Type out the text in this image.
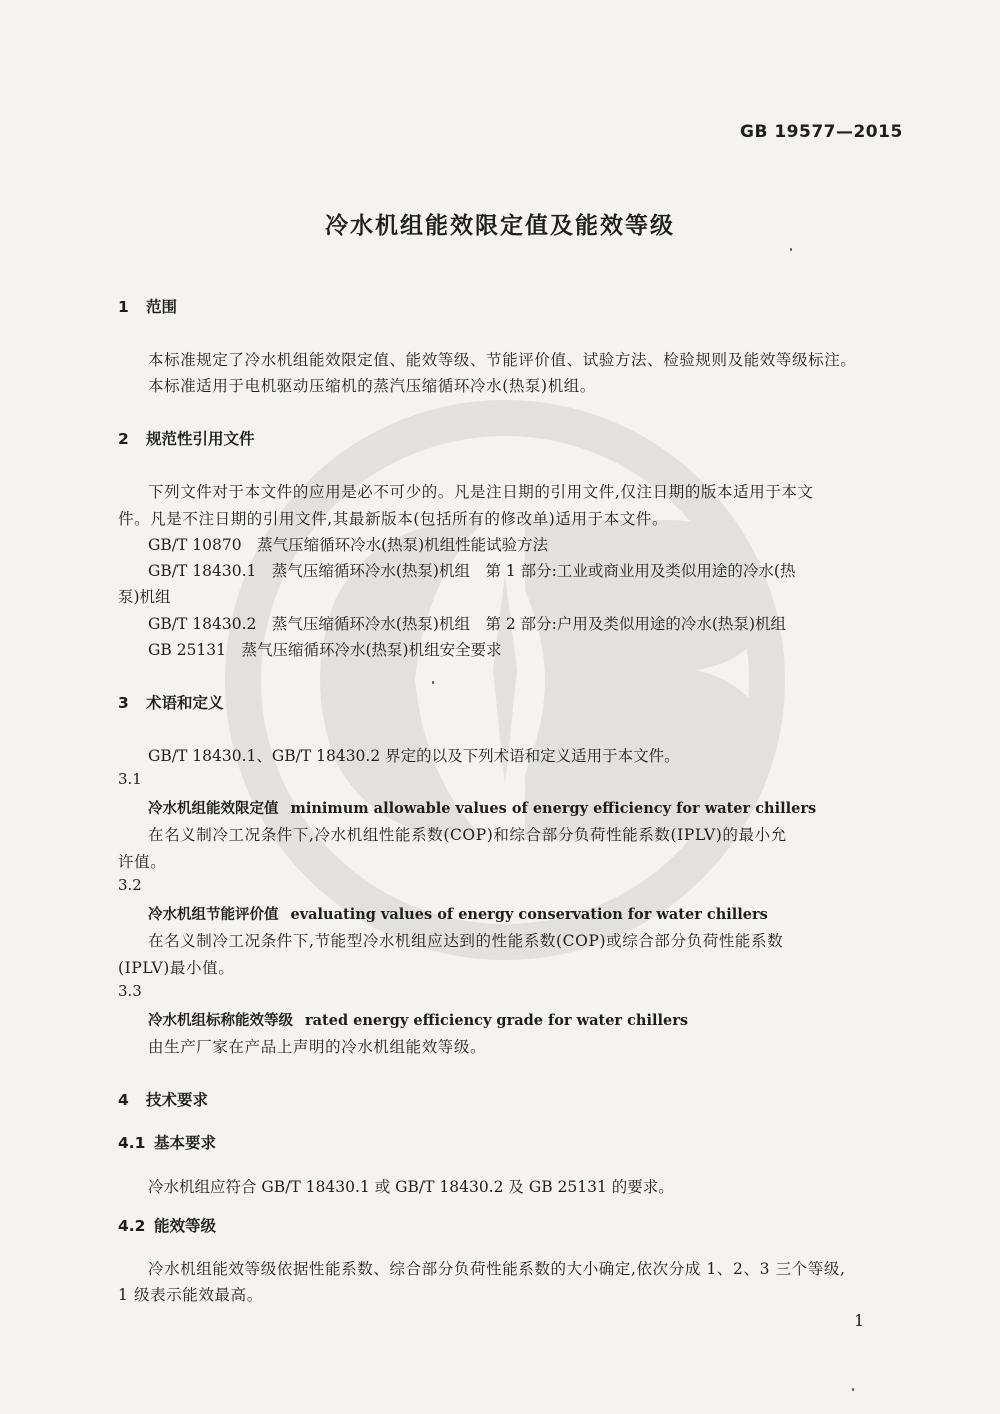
GB 19577—2015
冷水机组能效限定值及能效等级
1 范围
本标准规定了冷水机组能效限定值、能效等级、节能评价值、试验方法、检验规则及能效等级标注。
本标准适用于电机驱动压缩机的蒸汽压缩循环冷水(热泵)机组。
2 规范性引用文件
下列文件对于本文件的应用是必不可少的。凡是注日期的引用文件,仅注日期的版本适用于本文
件。凡是不注日期的引用文件,其最新版本(包括所有的修改单)适用于本文件。
GB/T 10870　蒸气压缩循环冷水(热泵)机组性能试验方法
GB/T 18430.1　蒸气压缩循环冷水(热泵)机组　第 1 部分:工业或商业用及类似用途的冷水(热
泵)机组
GB/T 18430.2　蒸气压缩循环冷水(热泵)机组　第 2 部分:户用及类似用途的冷水(热泵)机组
GB 25131　蒸气压缩循环冷水(热泵)机组安全要求
3 术语和定义
GB/T 18430.1、GB/T 18430.2 界定的以及下列术语和定义适用于本文件。
3.1
冷水机组能效限定值 minimum allowable values of energy efficiency for water chillers
在名义制冷工况条件下,冷水机组性能系数(COP)和综合部分负荷性能系数(IPLV)的最小允
许值。
3.2
冷水机组节能评价值 evaluating values of energy conservation for water chillers
在名义制冷工况条件下,节能型冷水机组应达到的性能系数(COP)或综合部分负荷性能系数
(IPLV)最小值。
3.3
冷水机组标称能效等级 rated energy efficiency grade for water chillers
由生产厂家在产品上声明的冷水机组能效等级。
4 技术要求
4.1 基本要求
冷水机组应符合 GB/T 18430.1 或 GB/T 18430.2 及 GB 25131 的要求。
4.2 能效等级
冷水机组能效等级依据性能系数、综合部分负荷性能系数的大小确定,依次分成 1、2、3 三个等级,
1 级表示能效最高。
1
